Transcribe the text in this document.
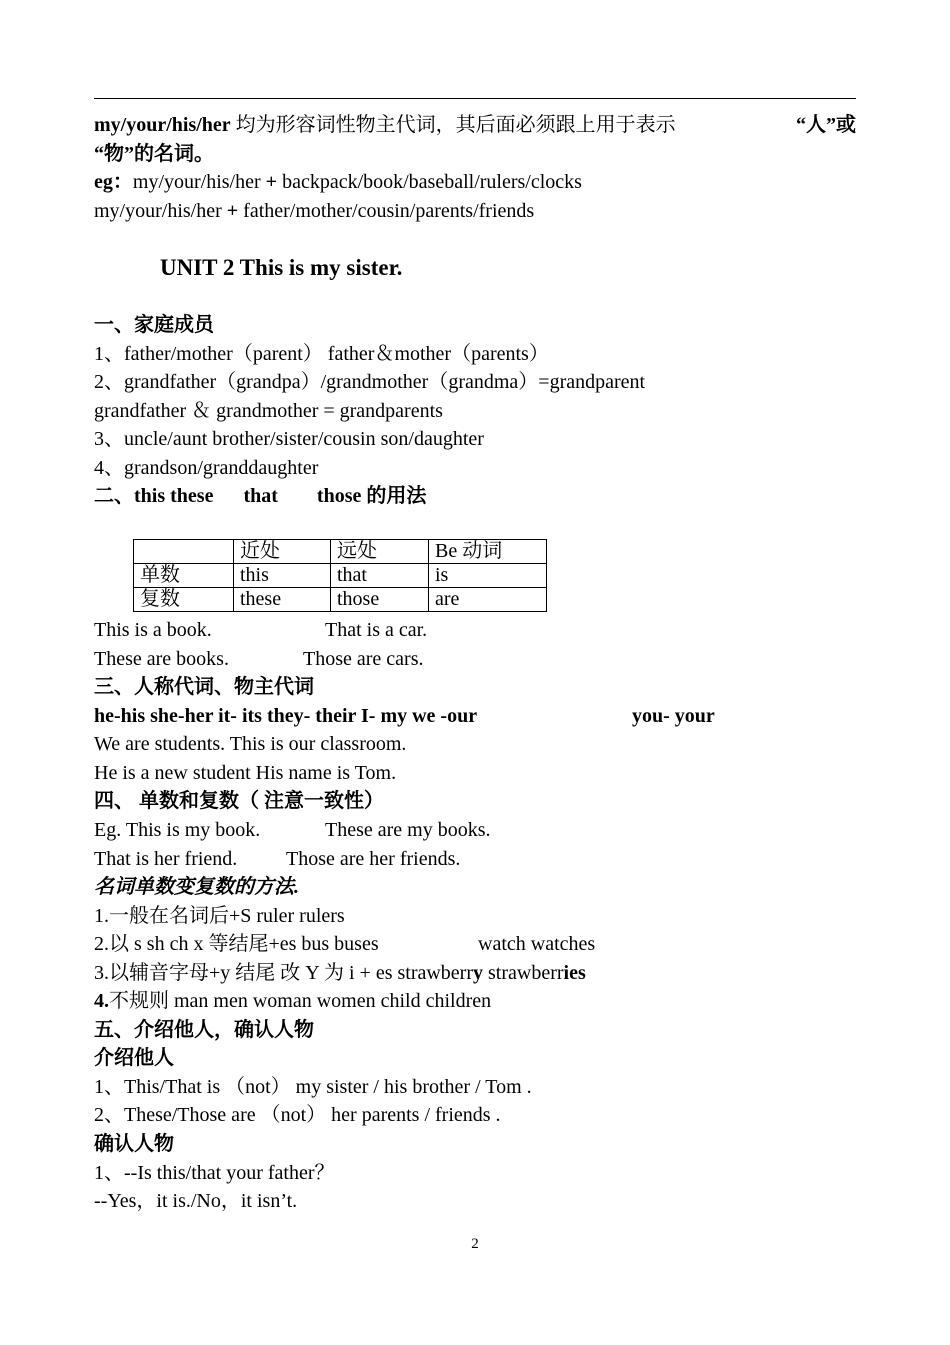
my/your/his/her 均为形容词性物主代词，其后面必须跟上用于表示	“人”或
“物”的名词。
eg：my/your/his/her + backpack/book/baseball/rulers/clocks
my/your/his/her + father/mother/cousin/parents/friends
UNIT 2 This is my sister.
一、家庭成员
1、father/mother（parent） father＆mother（parents）
2、grandfather（grandpa）/grandmother（grandma）=grandparent
grandfather ＆ grandmother = grandparents
3、uncle/aunt brother/sister/cousin son/daughter
4、grandson/granddaughter
二、this these that those 的用法
	近处	远处	Be 动词
单数	this	that	is
复数	these	those	are
This is a book.	That is a car.
These are books.	Those are cars.
三、人称代词、物主代词
he-his she-her it- its they- their I- my we -our	you- your
We are students. This is our classroom.
He is a new student His name is Tom.
四、 单数和复数（ 注意一致性）
Eg. This is my book.	These are my books.
That is her friend. Those are her friends.
名词单数变复数的方法.
1.一般在名词后+S ruler rulers
2.以 s sh ch x 等结尾+es bus buses	watch watches
3.以辅音字母+y 结尾 改 Y 为 i + es strawberry strawberries
4.不规则 man men woman women child children
五、介绍他人，确认人物
介绍他人
1、This/That is （not） my sister / his brother / Tom .
2、These/Those are （not） her parents / friends .
确认人物
1、--Is this/that your father？
--Yes，it is./No，it isn’t.
2
